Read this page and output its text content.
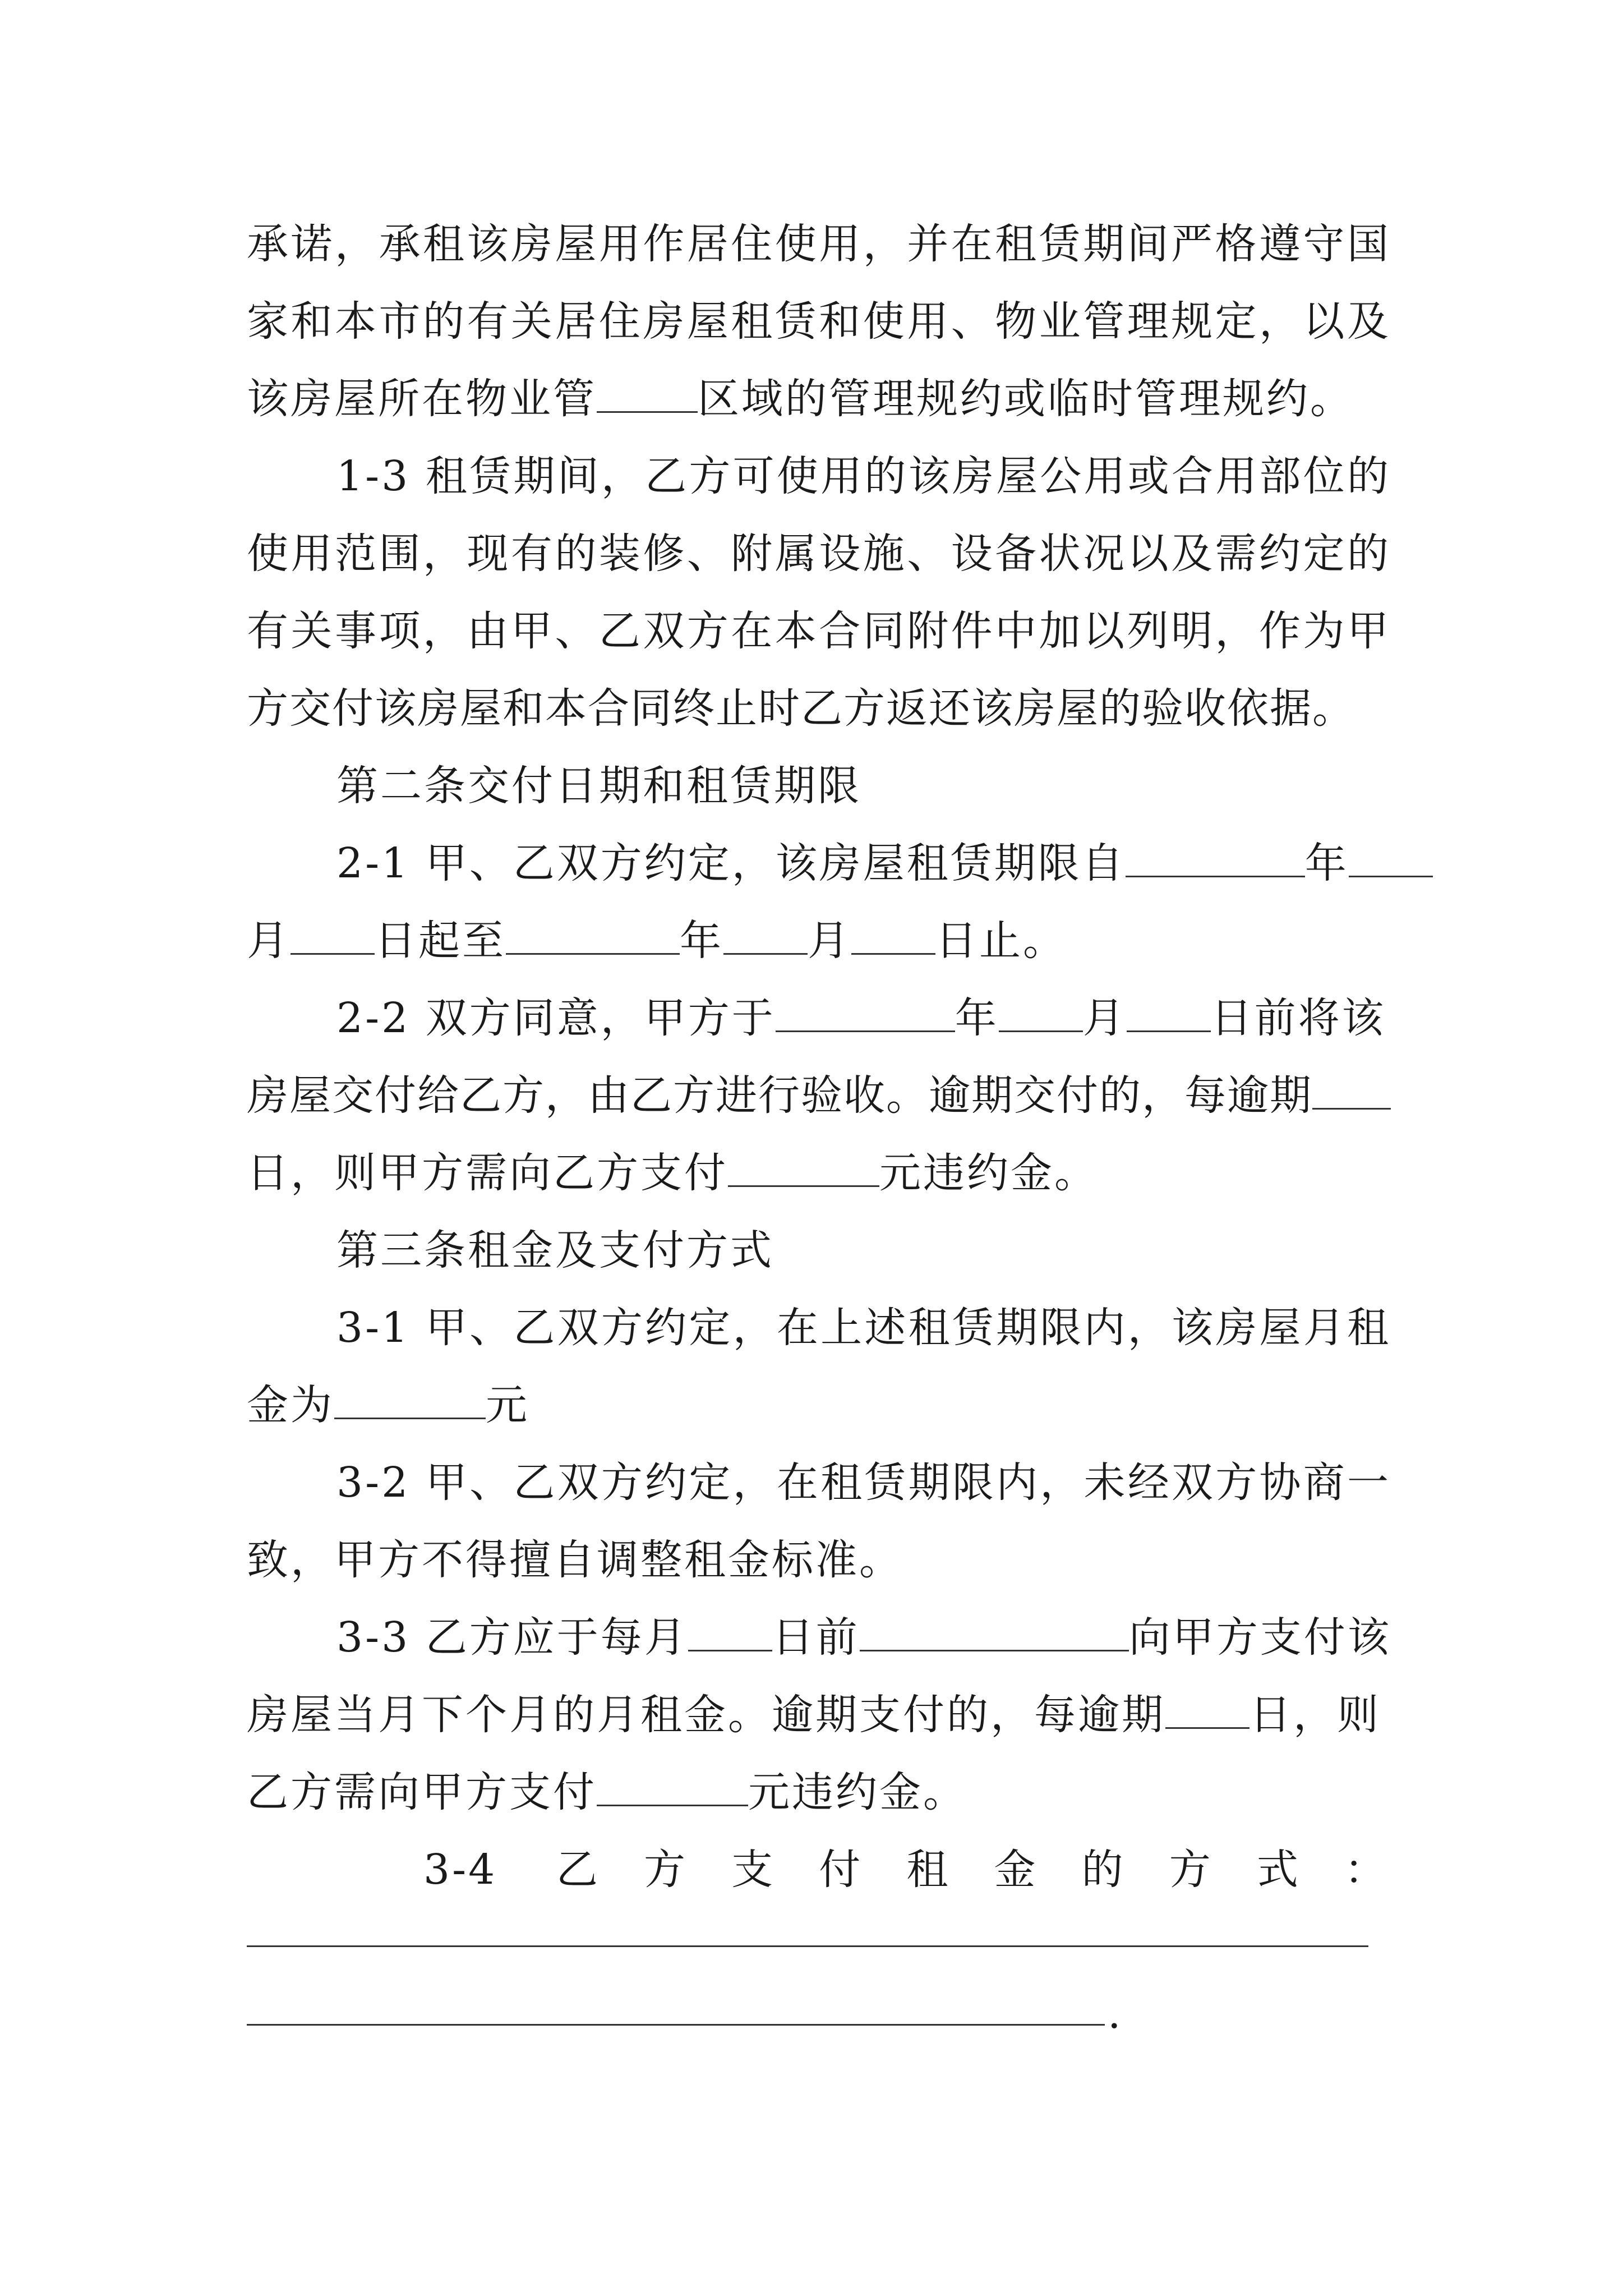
承诺，承租该房屋用作居住使用，并在租赁期间严格遵守国
家和本市的有关居住房屋租赁和使用、物业管理规定，以及
该房屋所在物业管 区域的管理规约或临时管理规约。
1-3 租赁期间，乙方可使用的该房屋公用或合用部位的
使用范围，现有的装修、附属设施、设备状况以及需约定的
有关事项，由甲、乙双方在本合同附件中加以列明，作为甲
方交付该房屋和本合同终止时乙方返还该房屋的验收依据。
第二条交付日期和租赁期限
2-1 甲、乙双方约定，该房屋租赁期限自	年
月 日起至	年 月 日止。
2-2 双方同意，甲方于	年 月 日前将该
房屋交付给乙方，由乙方进行验收。逾期交付的，每逾期
日，则甲方需向乙方支付	元违约金。
第三条租金及支付方式
3-1 甲、乙双方约定，在上述租赁期限内，该房屋月租
金为	元
3-2 甲、乙双方约定，在租赁期限内，未经双方协商一
致，甲方不得擅自调整租金标准。
3-3 乙方应于每月 日前	向甲方支付该
房屋当月下个月的月租金。逾期支付的，每逾期 日，则
乙方需向甲方支付	元违约金。
3-4 乙方支付租金的方式：
.
